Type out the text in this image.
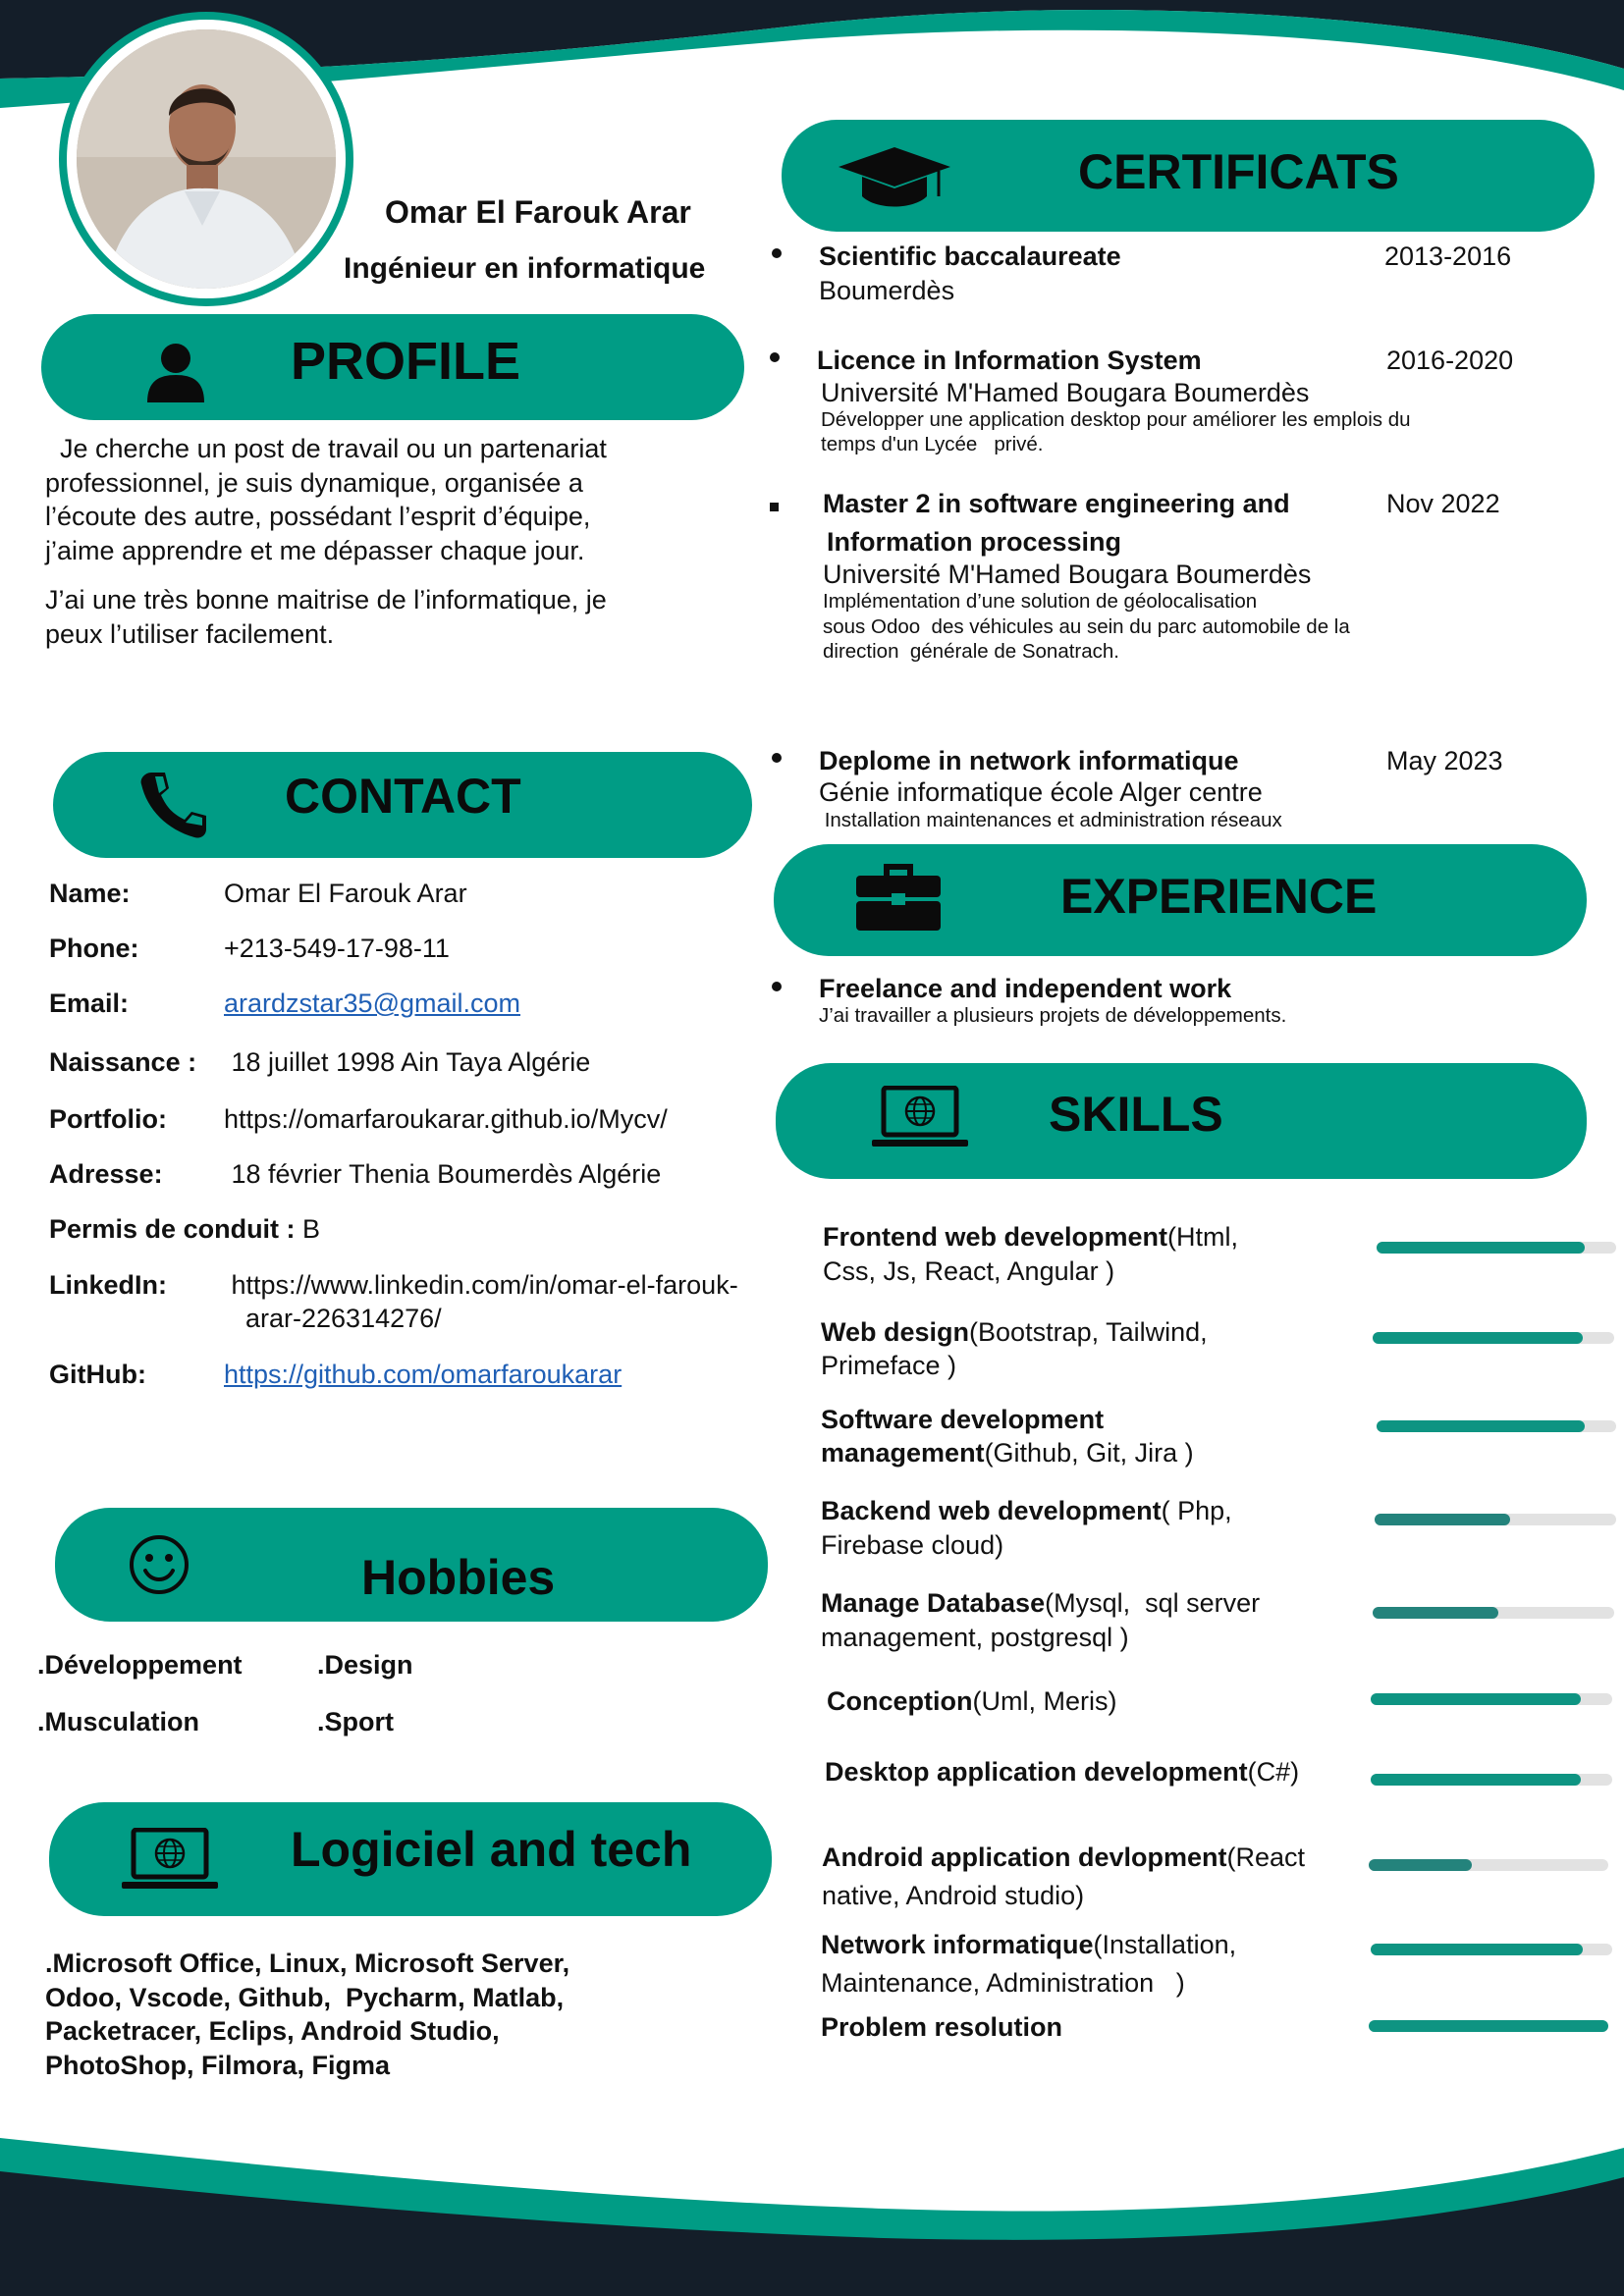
Omar El Farouk Arar
Ingénieur en informatique
PROFILE
Je cherche un post de travail ou un partenariat
professionnel, je suis dynamique, organisée a
l’écoute des autre, possédant l’esprit d’équipe,
j’aime apprendre et me dépasser chaque jour.
J’ai une très bonne maitrise de l’informatique, je
peux l’utiliser facilement.
CONTACT
Name:	Omar El Farouk Arar
Phone:	+213-549-17-98-11
Email:	arardzstar35@gmail.com
Naissance : 18 juillet 1998 Ain Taya Algérie
Portfolio: https://omarfaroukarar.github.io/Mycv/
Adresse: 18 février Thenia Boumerdès Algérie
Permis de conduit : B
LinkedIn: https://www.linkedin.com/in/omar-el-farouk-
arar-226314276/
GitHub:	https://github.com/omarfaroukarar
Hobbies
.Développement	.Design
.Musculation	.Sport
Logiciel and tech
.Microsoft Office, Linux, Microsoft Server,
Odoo, Vscode, Github,  Pycharm, Matlab,
Packetracer, Eclips, Android Studio,
PhotoShop, Filmora, Figma
CERTIFICATS
Scientific baccalaureate	2013-2016
Boumerdès
Licence in Information System	2016-2020
Université M'Hamed Bougara Boumerdès
Développer une application desktop pour améliorer les emplois du
temps d'un Lycée   privé.
Master 2 in software engineering and	Nov 2022
Information processing
Université M'Hamed Bougara Boumerdès
Implémentation d’une solution de géolocalisation
sous Odoo  des véhicules au sein du parc automobile de la
direction  générale de Sonatrach.
Deplome in network informatique	May 2023
Génie informatique école Alger centre
Installation maintenances et administration réseaux
EXPERIENCE
Freelance and independent work
J’ai travailler a plusieurs projets de développements.
SKILLS
Frontend web development(Html,
Css, Js, React, Angular )
Web design(Bootstrap, Tailwind,
Primeface )
Software development
management(Github, Git, Jira )
Backend web development( Php,
Firebase cloud)
Manage Database(Mysql,  sql server
management, postgresql )
Conception(Uml, Meris)
Desktop application development(C#)
Android application devlopment(React
native, Android studio)
Network informatique(Installation,
Maintenance, Administration   )
Problem resolution
